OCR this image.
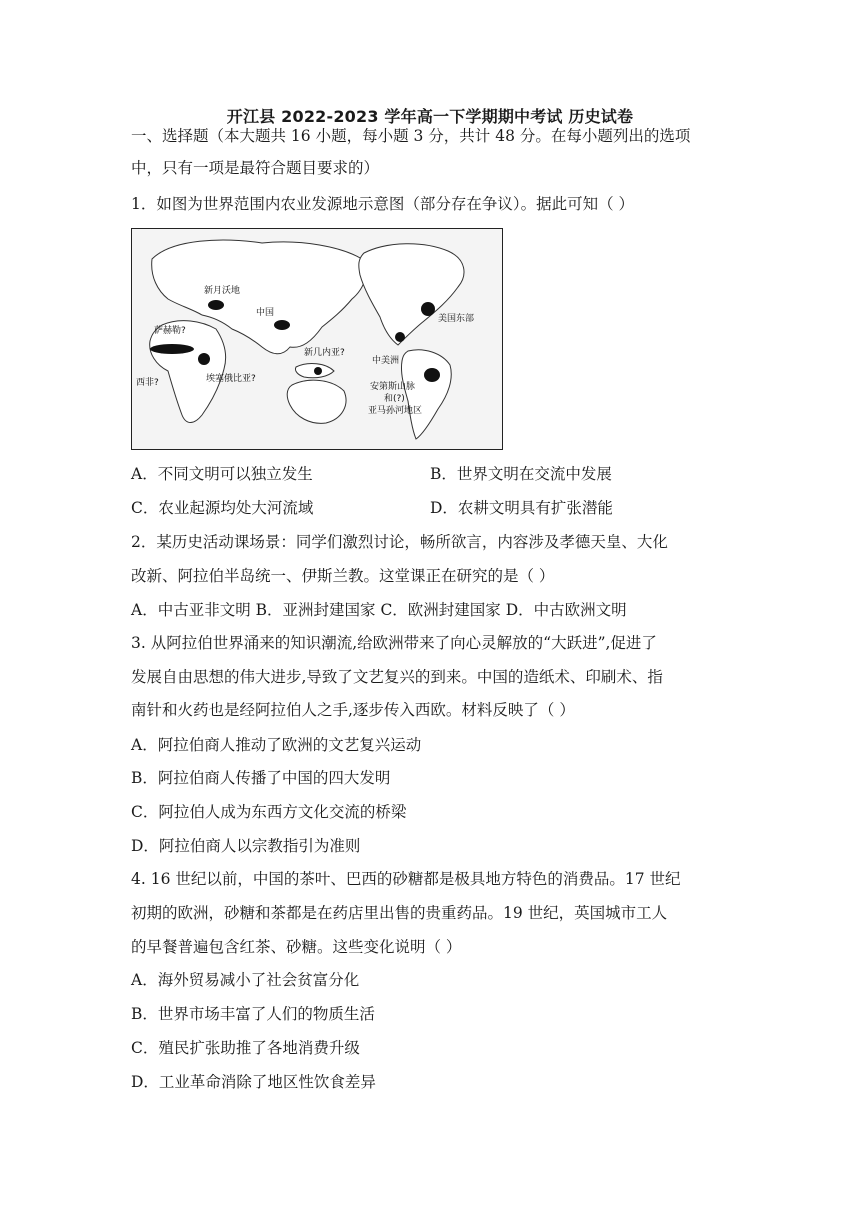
开江县 2022-2023 学年高一下学期期中考试 历史试卷
一、选择题（本大题共 16 小题，每小题 3 分，共计 48 分。在每小题列出的选项
中，只有一项是最符合题目要求的）
1．如图为世界范围内农业发源地示意图（部分存在争议）。据此可知（ ）
新月沃地
中国
萨赫勒?
西非?	埃塞俄比亚?
新几内亚?
中美洲
美国东部
安第斯山脉
和(?)
亚马孙河地区
A．不同文明可以独立发生	B．世界文明在交流中发展
C．农业起源均处大河流域	D．农耕文明具有扩张潜能
2．某历史活动课场景：同学们激烈讨论，畅所欲言，内容涉及孝德天皇、大化
改新、阿拉伯半岛统一、伊斯兰教。这堂课正在研究的是（ ）
A．中古亚非文明 B．亚洲封建国家 C．欧洲封建国家 D．中古欧洲文明
3. 从阿拉伯世界涌来的知识潮流,给欧洲带来了向心灵解放的“大跃进”,促进了
发展自由思想的伟大进步,导致了文艺复兴的到来。中国的造纸术、印刷术、指
南针和火药也是经阿拉伯人之手,逐步传入西欧。材料反映了（ ）
A．阿拉伯商人推动了欧洲的文艺复兴运动
B．阿拉伯商人传播了中国的四大发明
C．阿拉伯人成为东西方文化交流的桥梁
D．阿拉伯商人以宗教指引为准则
4. 16 世纪以前，中国的茶叶、巴西的砂糖都是极具地方特色的消费品。17 世纪
初期的欧洲，砂糖和茶都是在药店里出售的贵重药品。19 世纪，英国城市工人
的早餐普遍包含红茶、砂糖。这些变化说明（ ）
A．海外贸易减小了社会贫富分化
B．世界市场丰富了人们的物质生活
C．殖民扩张助推了各地消费升级
D．工业革命消除了地区性饮食差异
